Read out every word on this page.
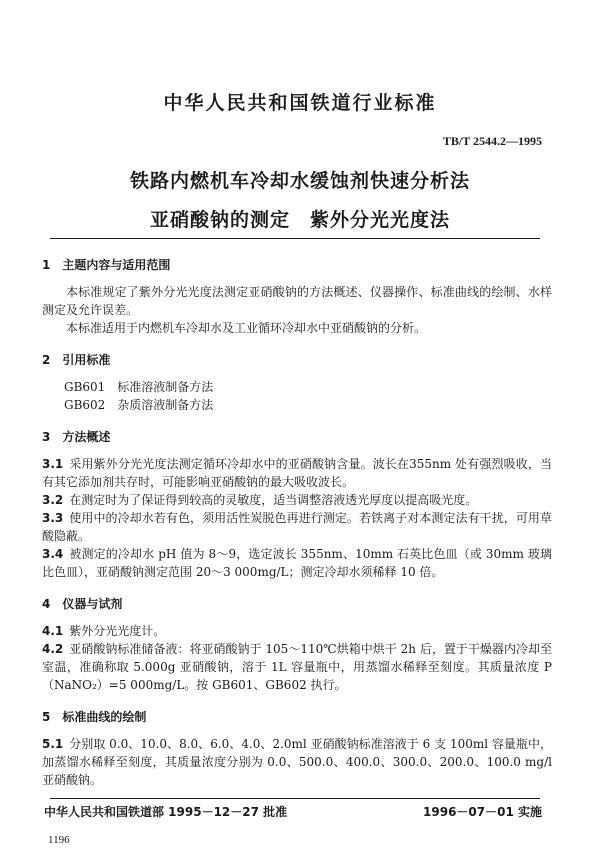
中华人民共和国铁道行业标准
TB/T 2544.2—1995
铁路内燃机车冷却水缓蚀剂快速分析法
亚硝酸钠的测定　紫外分光光度法

1　主题内容与适用范围

本标准规定了紫外分光光度法测定亚硝酸钠的方法概述、仪器操作、标准曲线的绘制、水样测定及允许误差。

本标准适用于内燃机车冷却水及工业循环冷却水中亚硝酸钠的分析。

2　引用标准

GB601　标准溶液制备方法

GB602　杂质溶液制备方法

3　方法概述

3.1 采用紫外分光光度法测定循环冷却水中的亚硝酸钠含量。波长在355nm 处有强烈吸收，当有其它添加剂共存时，可能影响亚硝酸钠的最大吸收波长。

3.2 在测定时为了保证得到较高的灵敏度，适当调整溶液透光厚度以提高吸光度。

3.3 使用中的冷却水若有色，须用活性炭脱色再进行测定。若铁离子对本测定法有干扰，可用草酸隐蔽。

3.4 被测定的冷却水 pH 值为 8～9，选定波长 355nm、10mm 石英比色皿（或 30mm 玻璃比色皿），亚硝酸钠测定范围 20～3 000mg/L；测定冷却水须稀释 10 倍。

4　仪器与试剂

4.1 紫外分光光度计。

4.2 亚硝酸钠标准储备液：将亚硝酸钠于 105～110℃烘箱中烘干 2h 后，置于干燥器内冷却至室温，准确称取 5.000g 亚硝酸钠，溶于 1L 容量瓶中，用蒸馏水稀释至刻度。其质量浓度 P（NaNO₂）=5 000mg/L。按 GB601、GB602 执行。

5　标准曲线的绘制

5.1 分别取 0.0、10.0、8.0、6.0、4.0、2.0ml 亚硝酸钠标准溶液于 6 支 100ml 容量瓶中，加蒸馏水稀释至刻度，其质量浓度分别为 0.0、500.0、400.0、300.0、200.0、100.0 mg/l 亚硝酸钠。

中华人民共和国铁道部 1995－12－27 批准	1996－07－01 实施
1196
